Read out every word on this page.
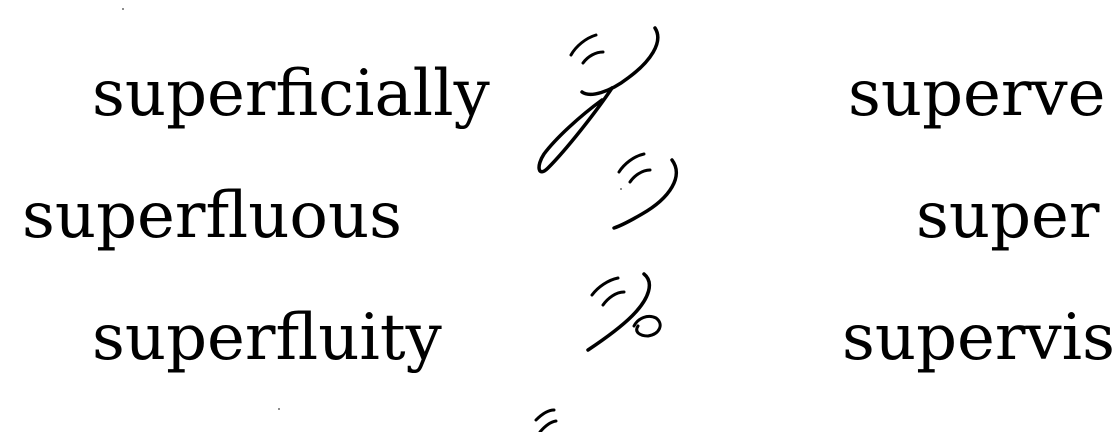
superficially
superfluous
superfluity
superve
super
supervis
